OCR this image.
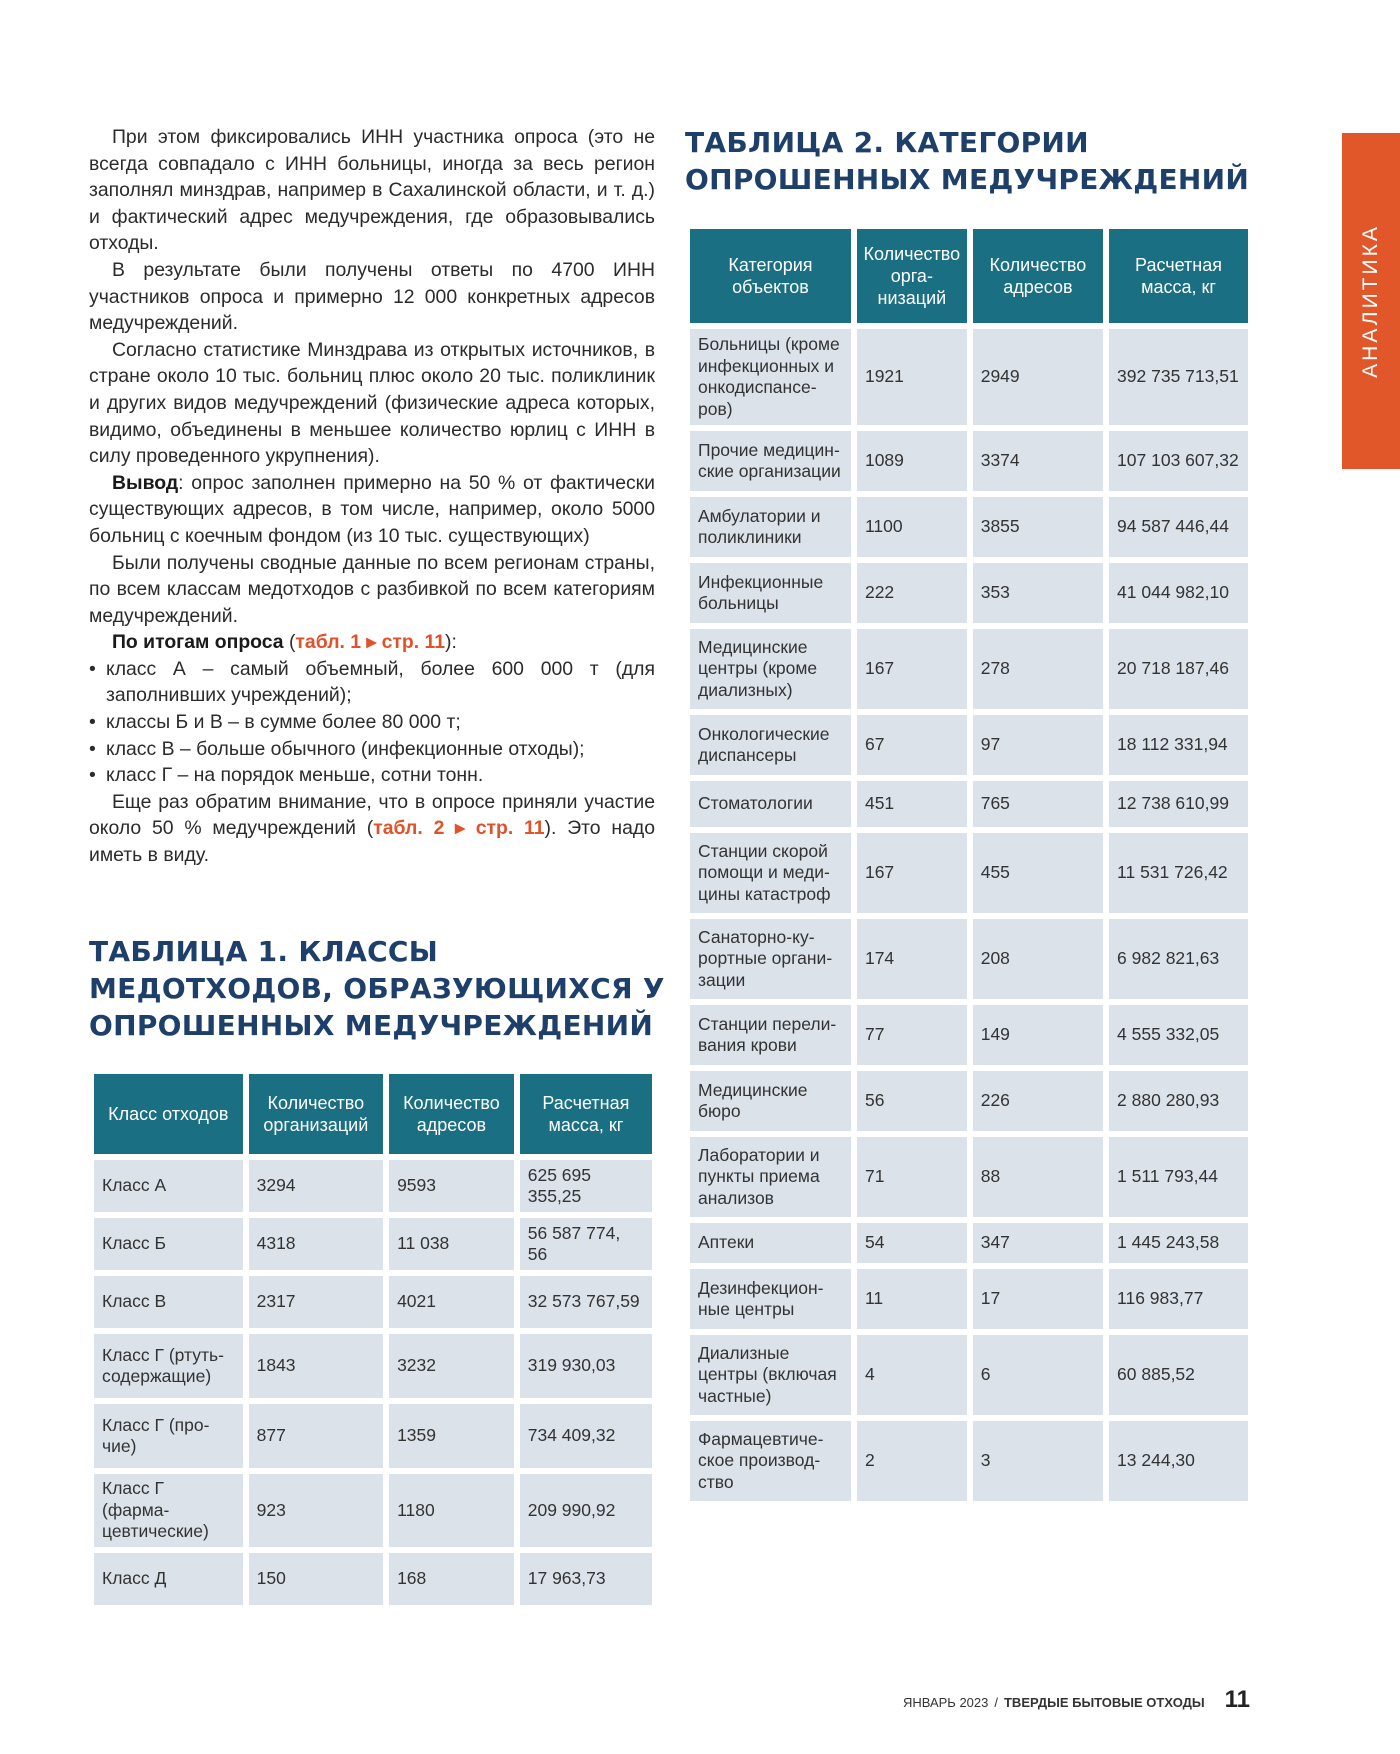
АНАЛИТИКА

При этом фиксировались ИНН участника опроса (это не всегда совпадало с ИНН больницы, иногда за весь регион заполнял минздрав, например в Сахалинской области, и т. д.) и фактический адрес медучреждения, где образовывались отходы.

В результате были получены ответы по 4700 ИНН участников опроса и примерно 12 000 конкретных адресов медучреждений.

Согласно статистике Минздрава из открытых источников, в стране около 10 тыс. больниц плюс около 20 тыс. поликлиник и других видов медучреждений (физические адреса которых, видимо, объединены в меньшее количество юрлиц с ИНН в силу проведенного укрупнения).

Вывод: опрос заполнен примерно на 50 % от фактически существующих адресов, в том числе, например, около 5000 больниц с коечным фондом (из 10 тыс. существующих)

Были получены сводные данные по всем регионам страны, по всем классам медотходов с разбивкой по всем категориям медучреждений.

По итогам опроса (табл. 1 ▸ стр. 11):

• класс А – самый объемный, более 600 000 т (для заполнивших учреждений);
• классы Б и В – в сумме более 80 000 т;
• класс В – больше обычного (инфекционные отходы);
• класс Г – на порядок меньше, сотни тонн.

Еще раз обратим внимание, что в опросе приняли участие около 50 % медучреждений (табл. 2 ▸ стр. 11). Это надо иметь в виду.

ТАБЛИЦА 1. КЛАССЫ МЕДОТХОДОВ, ОБРАЗУЮЩИХСЯ У ОПРОШЕННЫХ МЕДУЧРЕЖДЕНИЙ
Класс отходов	Количество организаций	Количество адресов	Расчетная масса, кг
Класс А	3294	9593	625 695 355,25
Класс Б	4318	11 038	56 587 774, 56
Класс В	2317	4021	32 573 767,59
Класс Г (ртутьсодержащие)	1843	3232	319 930,03
Класс Г (прочие)	877	1359	734 409,32
Класс Г (фармацевтические)	923	1180	209 990,92
Класс Д	150	168	17 963,73
ТАБЛИЦА 2. КАТЕГОРИИ ОПРОШЕННЫХ МЕДУЧРЕЖДЕНИЙ
Категория объектов	Количество организаций	Количество адресов	Расчетная масса, кг
Больницы (кроме инфекционных и онкодиспансеров)	1921	2949	392 735 713,51
Прочие медицинские организации	1089	3374	107 103 607,32
Амбулатории и поликлиники	1100	3855	94 587 446,44
Инфекционные больницы	222	353	41 044 982,10
Медицинские центры (кроме диализных)	167	278	20 718 187,46
Онкологические диспансеры	67	97	18 112 331,94
Стоматологии	451	765	12 738 610,99
Станции скорой помощи и медицины катастроф	167	455	11 531 726,42
Санаторно-курортные организации	174	208	6 982 821,63
Станции переливания крови	77	149	4 555 332,05
Медицинские бюро	56	226	2 880 280,93
Лаборатории и пункты приема анализов	71	88	1 511 793,44
Аптеки	54	347	1 445 243,58
Дезинфекционные центры	11	17	116 983,77
Диализные центры (включая частные)	4	6	60 885,52
Фармацевтическое производство	2	3	13 244,30
ЯНВАРЬ 2023 / ТВЕРДЫЕ БЫТОВЫЕ ОТХОДЫ 11
